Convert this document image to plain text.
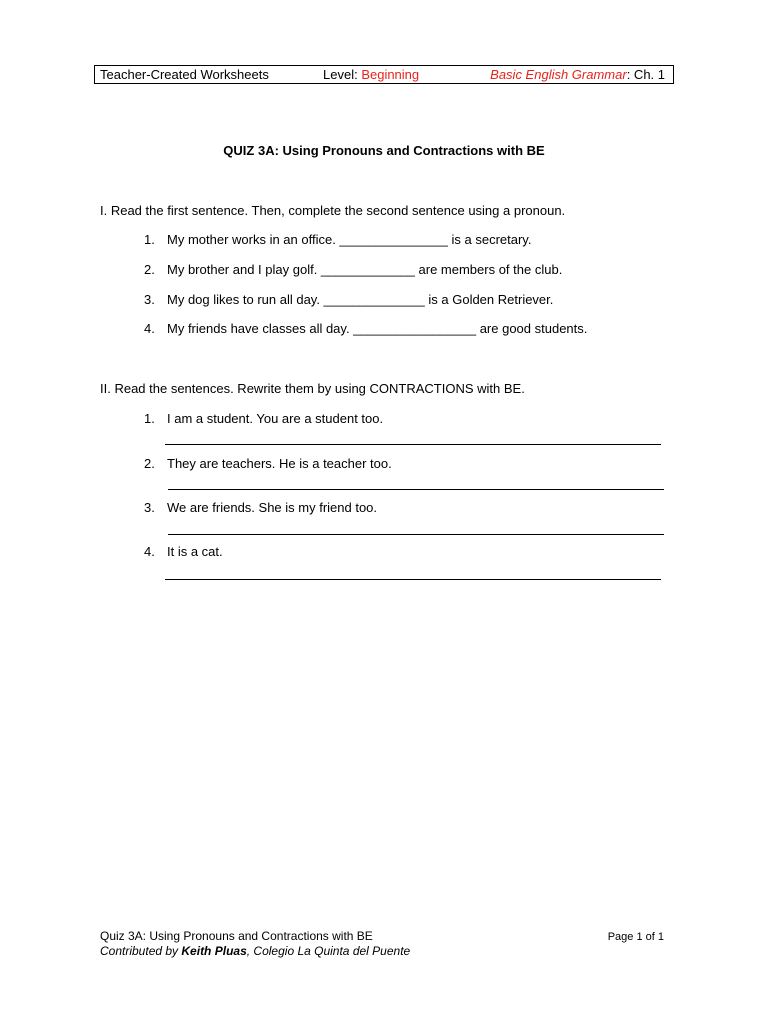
Teacher-Created Worksheets	Level: Beginning	Basic English Grammar: Ch. 1
QUIZ 3A: Using Pronouns and Contractions with BE
I. Read the first sentence. Then, complete the second sentence using a pronoun.
1. My mother works in an office. _______________ is a secretary.
2. My brother and I play golf. _____________ are members of the club.
3. My dog likes to run all day. ______________ is a Golden Retriever.
4. My friends have classes all day. _________________ are good students.
II. Read the sentences. Rewrite them by using CONTRACTIONS with BE.
1. I am a student. You are a student too.
2. They are teachers. He is a teacher too.
3. We are friends. She is my friend too.
4. It is a cat.
Quiz 3A: Using Pronouns and Contractions with BE
Contributed by Keith Pluas, Colegio La Quinta del Puente
Page 1 of 1
